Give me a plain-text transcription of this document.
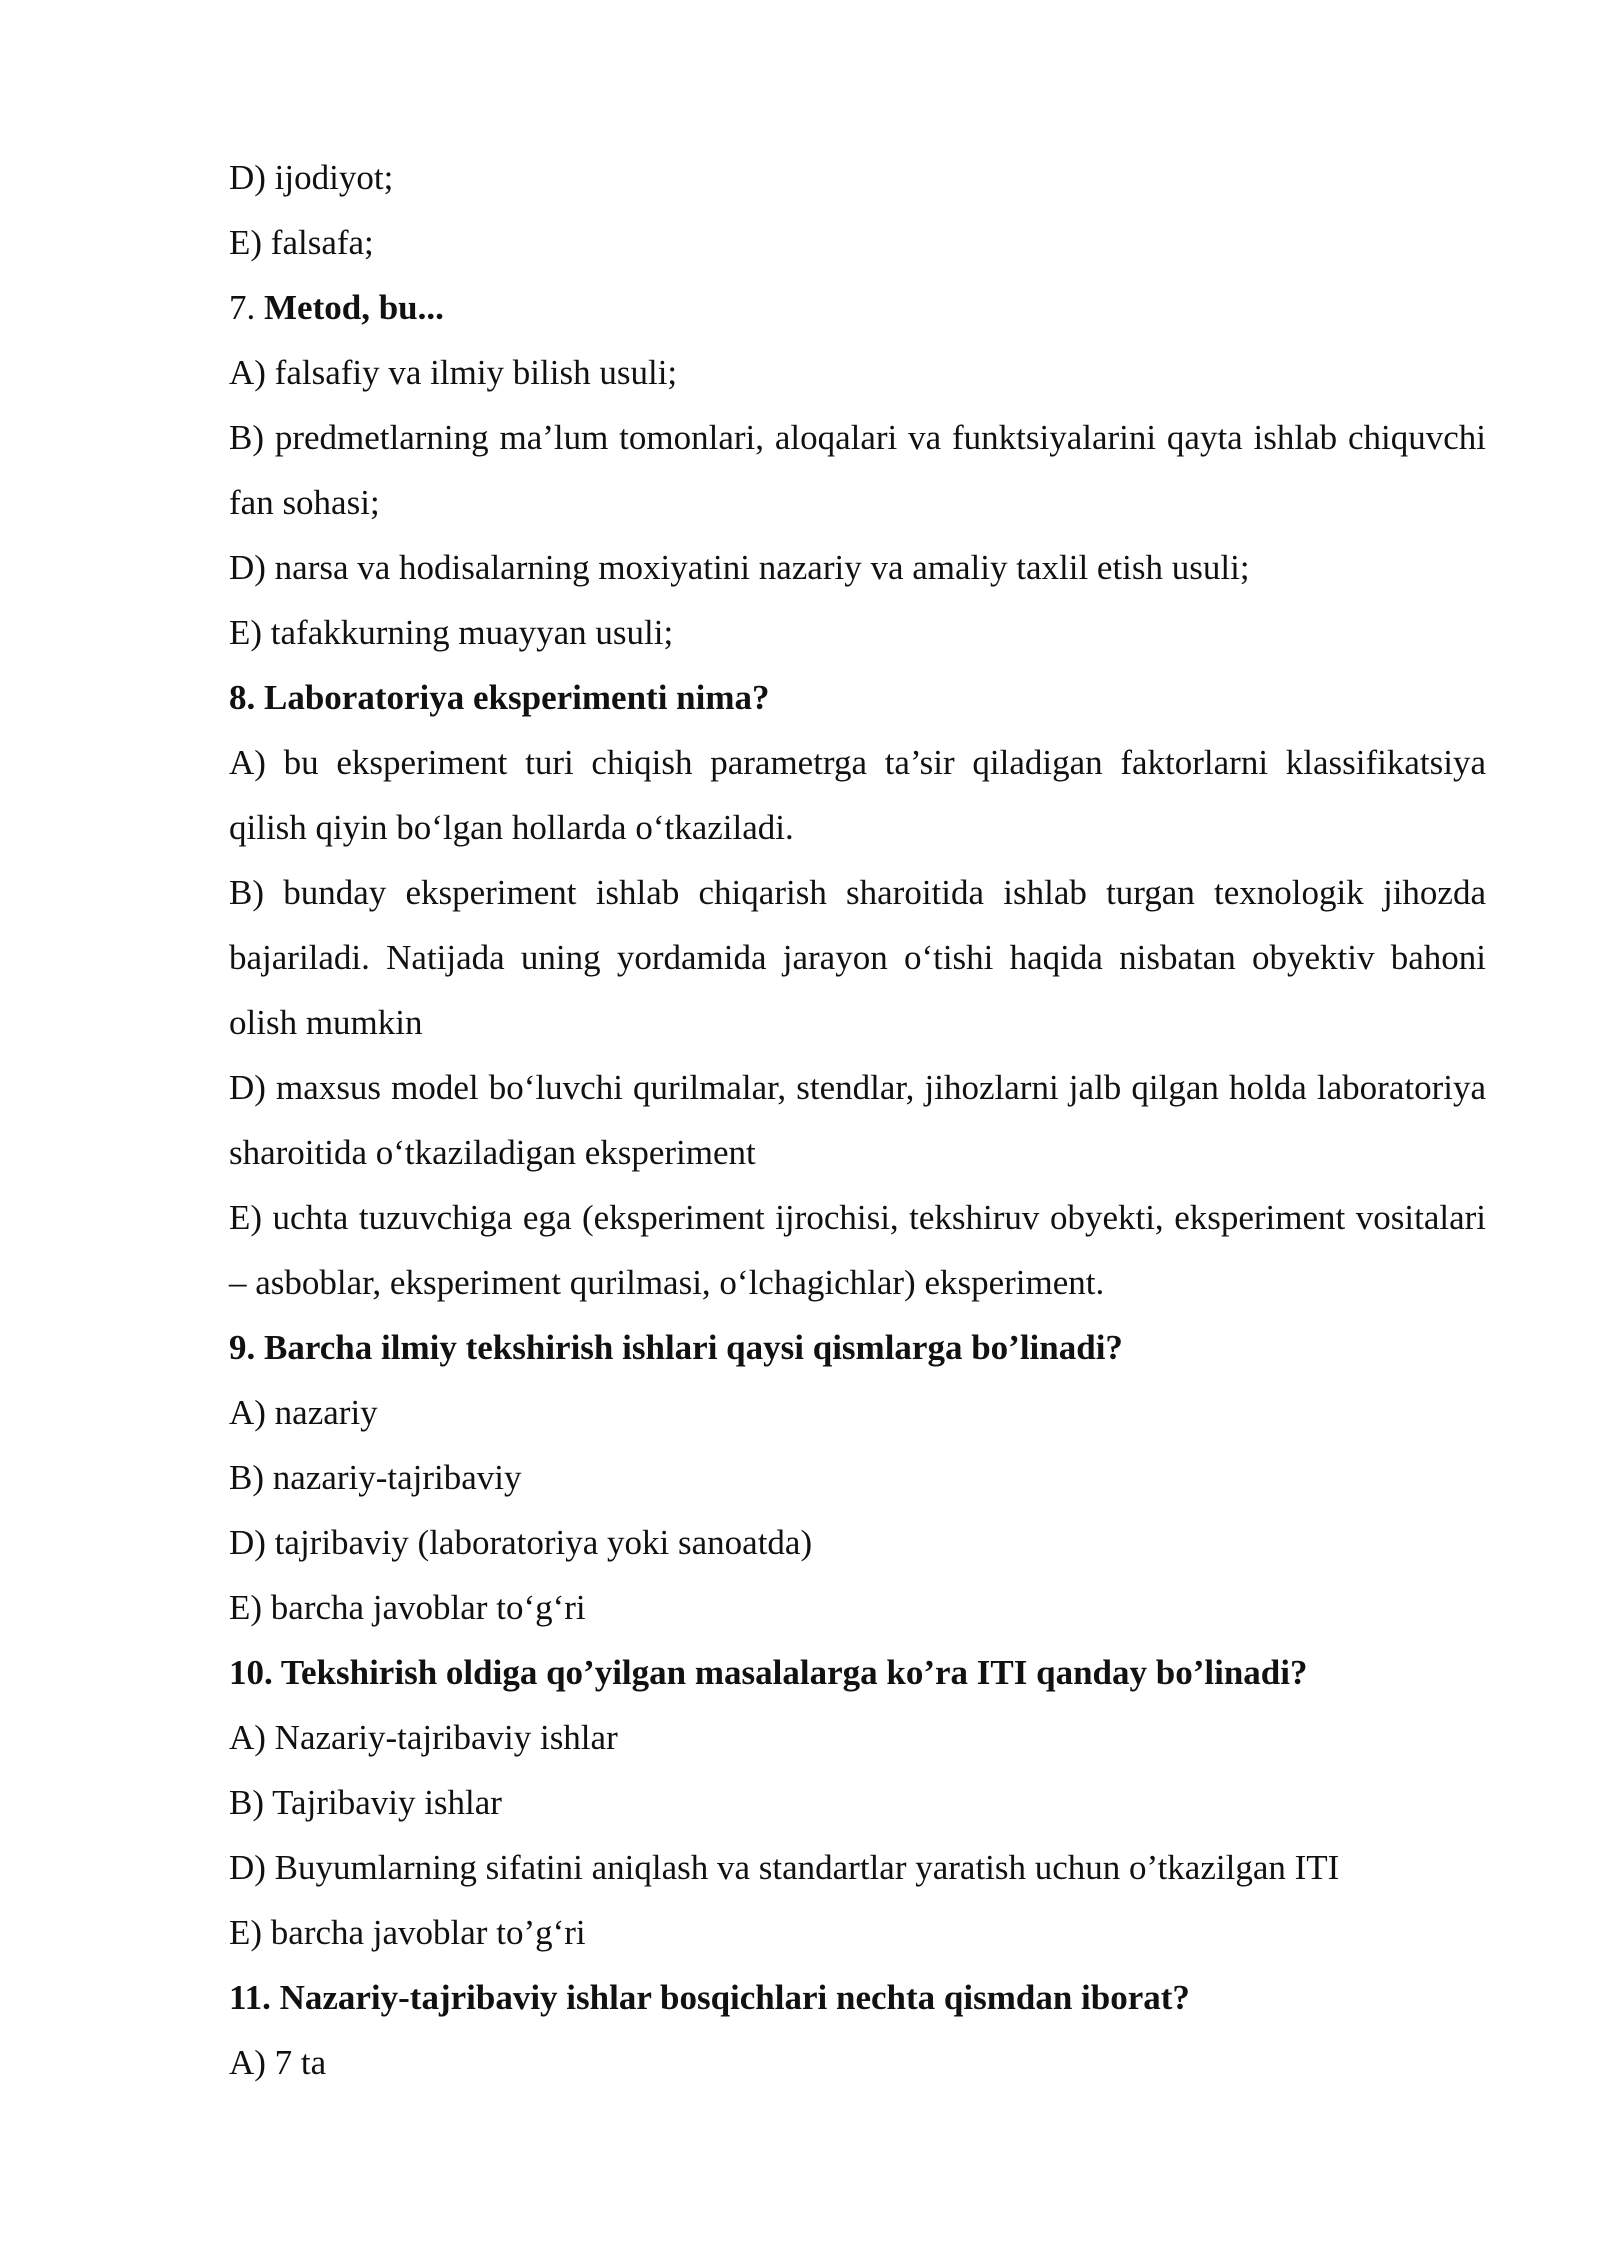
D) ijodiyot;

E) falsafa;

7. Metod, bu...

A) falsafiy va ilmiy bilish usuli;

B) predmetlarning ma’lum tomonlari, aloqalari va funktsiyalarini qayta ishlab chiquvchi fan sohasi;

D) narsa va hodisalarning moxiyatini nazariy va amaliy taxlil etish usuli;

E) tafakkurning muayyan usuli;

8. Laboratoriya eksperimenti nima?

A) bu eksperiment turi chiqish parametrga ta’sir qiladigan faktorlarni klassifikatsiya qilish qiyin bo‘lgan hollarda o‘tkaziladi.

B) bunday eksperiment ishlab chiqarish sharoitida ishlab turgan texnologik jihozda bajariladi. Natijada uning yordamida jarayon o‘tishi haqida nisbatan obyektiv bahoni olish mumkin

D) maxsus model bo‘luvchi qurilmalar, stendlar, jihozlarni jalb qilgan holda laboratoriya sharoitida o‘tkaziladigan eksperiment

E) uchta tuzuvchiga ega (eksperiment ijrochisi, tekshiruv obyekti, eksperiment vositalari – asboblar, eksperiment qurilmasi, o‘lchagichlar) eksperiment.

9. Barcha ilmiy tekshirish ishlari qaysi qismlarga bo’linadi?

A) nazariy

B) nazariy-tajribaviy

D) tajribaviy (laboratoriya yoki sanoatda)

E) barcha javoblar to‘g‘ri

10. Tekshirish oldiga qo’yilgan masalalarga ko’ra ITI qanday bo’linadi?

A) Nazariy-tajribaviy ishlar

B) Tajribaviy ishlar

D) Buyumlarning sifatini aniqlash va standartlar yaratish uchun o’tkazilgan ITI

E) barcha javoblar to’g‘ri

11. Nazariy-tajribaviy ishlar bosqichlari nechta qismdan iborat?

A) 7 ta
